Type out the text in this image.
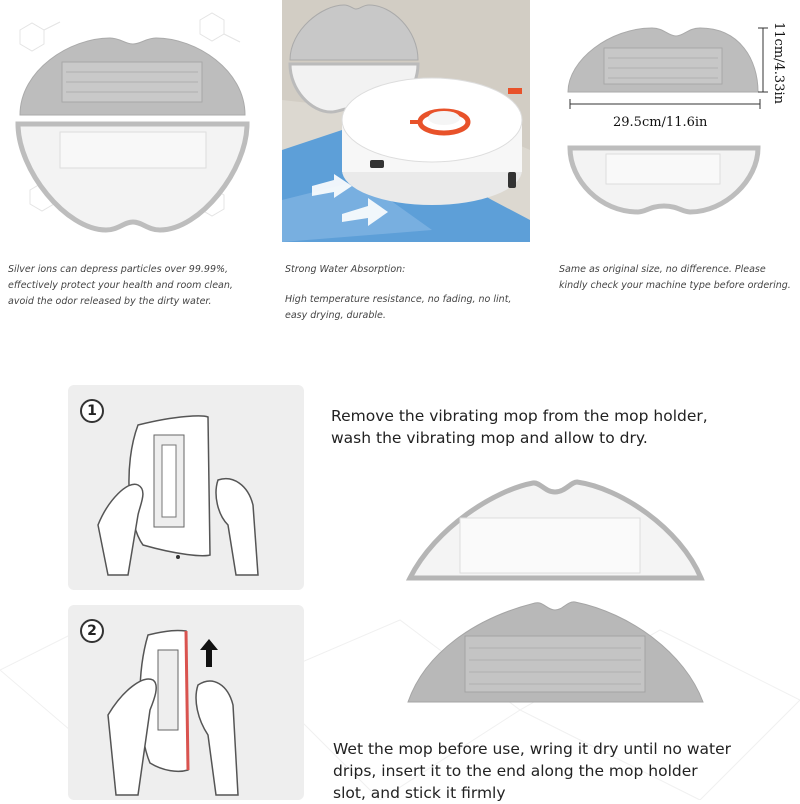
29.5cm/11.6in
11cm/4.33in
Silver ions can depress particles over 99.99%,
effectively protect your health and room clean,
avoid the odor released by the dirty water.
Strong Water Absorption:
High temperature resistance, no fading, no lint,
easy drying, durable.
Same as original size, no difference. Please
kindly check your machine type before ordering.
1
2
Remove the vibrating mop from the mop holder,
wash the vibrating mop and allow to dry.
Wet the mop before use, wring it dry until no water
drips, insert it to the end along the mop holder
slot, and stick it firmly
